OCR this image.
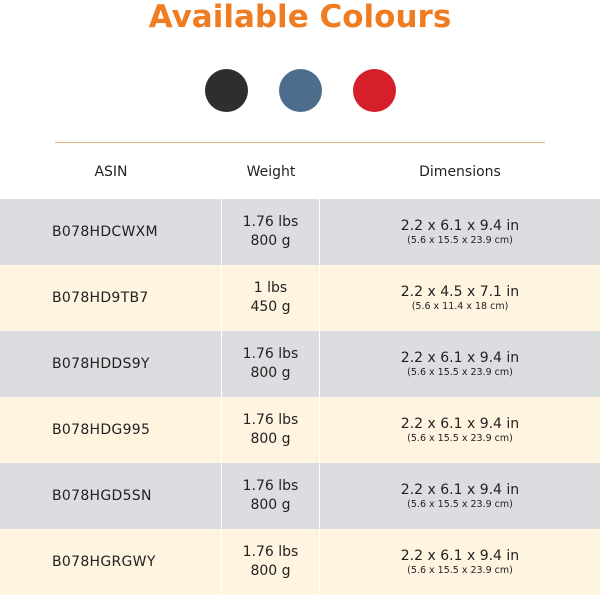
Available Colours
ASIN	Weight	Dimensions
B078HDCWXM
1.76 lbs
800 g
2.2 x 6.1 x 9.4 in
(5.6 x 15.5 x 23.9 cm)
B078HD9TB7
1 lbs
450 g
2.2 x 4.5 x 7.1 in
(5.6 x 11.4 x 18 cm)
B078HDDS9Y
1.76 lbs
800 g
2.2 x 6.1 x 9.4 in
(5.6 x 15.5 x 23.9 cm)
B078HDG995
1.76 lbs
800 g
2.2 x 6.1 x 9.4 in
(5.6 x 15.5 x 23.9 cm)
B078HGD5SN
1.76 lbs
800 g
2.2 x 6.1 x 9.4 in
(5.6 x 15.5 x 23.9 cm)
B078HGRGWY
1.76 lbs
800 g
2.2 x 6.1 x 9.4 in
(5.6 x 15.5 x 23.9 cm)
